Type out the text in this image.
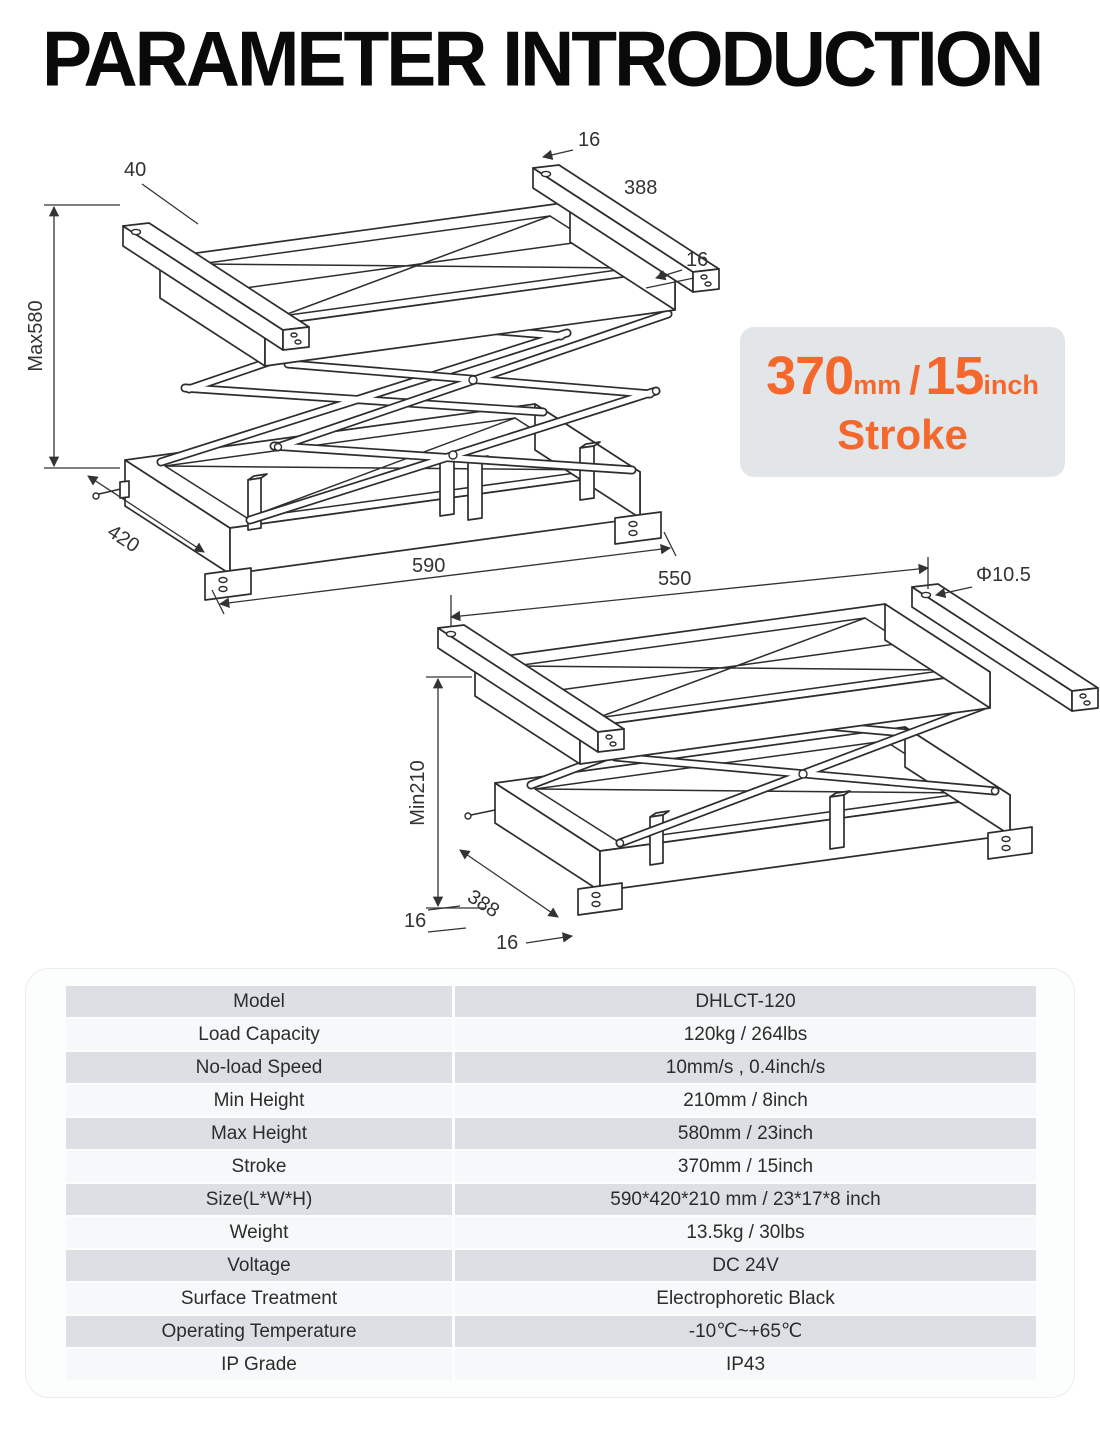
PARAMETER INTRODUCTION
40
16
388
16
Max580
420
590
550	Φ10.5
Min210
16 388
16
370 mm / 15 inch
Stroke
Model	DHLCT-120
Load Capacity	120kg / 264lbs
No-load Speed	10mm/s , 0.4inch/s
Min Height	210mm / 8inch
Max Height	580mm / 23inch
Stroke	370mm / 15inch
Size(L*W*H)	590*420*210 mm / 23*17*8 inch
Weight	13.5kg / 30lbs
Voltage	DC 24V
Surface Treatment	Electrophoretic Black
Operating Temperature	-10℃~+65℃
IP Grade	IP43
